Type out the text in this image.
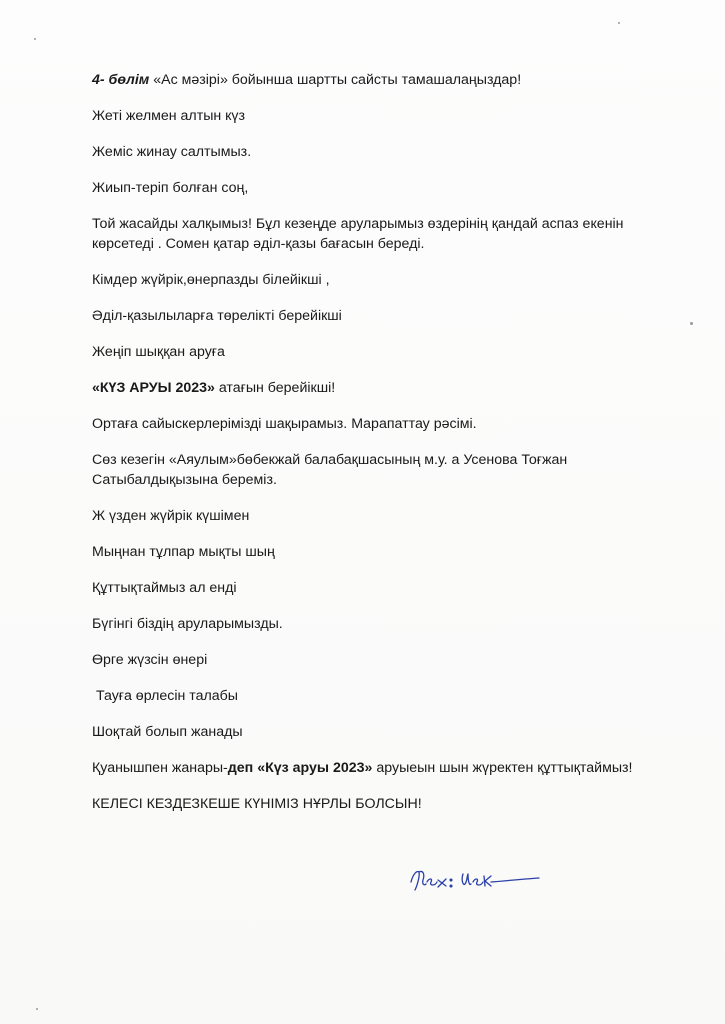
4- бөлім «Ас мәзірі» бойынша шартты сайсты тамашалаңыздар!

Жеті желмен алтын күз

Жеміс жинау салтымыз.

Жиып-теріп болған соң,

Той жасайды халқымыз! Бұл кезеңде аруларымыз өздерінің қандай аспаз екенін көрсетеді . Сомен қатар әділ-қазы бағасын береді.

Кімдер жүйрік,өнерпазды білейікші ,

Әділ-қазылыларға төрелікті берейікші

Жеңіп шыққан аруға

«КҮЗ АРУЫ 2023» атағын берейікші!

Ортаға сайыскерлерімізді шақырамыз. Марапаттау рәсімі.

Сөз кезегін «Аяулым»бөбекжай балабақшасының м.у. а Усенова Тоғжан Сатыбалдықызына береміз.

Ж үзден жүйрік күшімен

Мыңнан тұлпар мықты шың

Құттықтаймыз ал енді

Бүгінгі біздің аруларымызды.

Өрге жүзсін өнері

Тауға өрлесін талабы

Шоқтай болып жанады

Қуанышпен жанары-деп «Күз аруы 2023» аруыеын шын жүректен құттықтаймыз!

КЕЛЕСІ КЕЗДЕЗКЕШЕ КҮНІМІЗ НҰРЛЫ БОЛСЫН!
